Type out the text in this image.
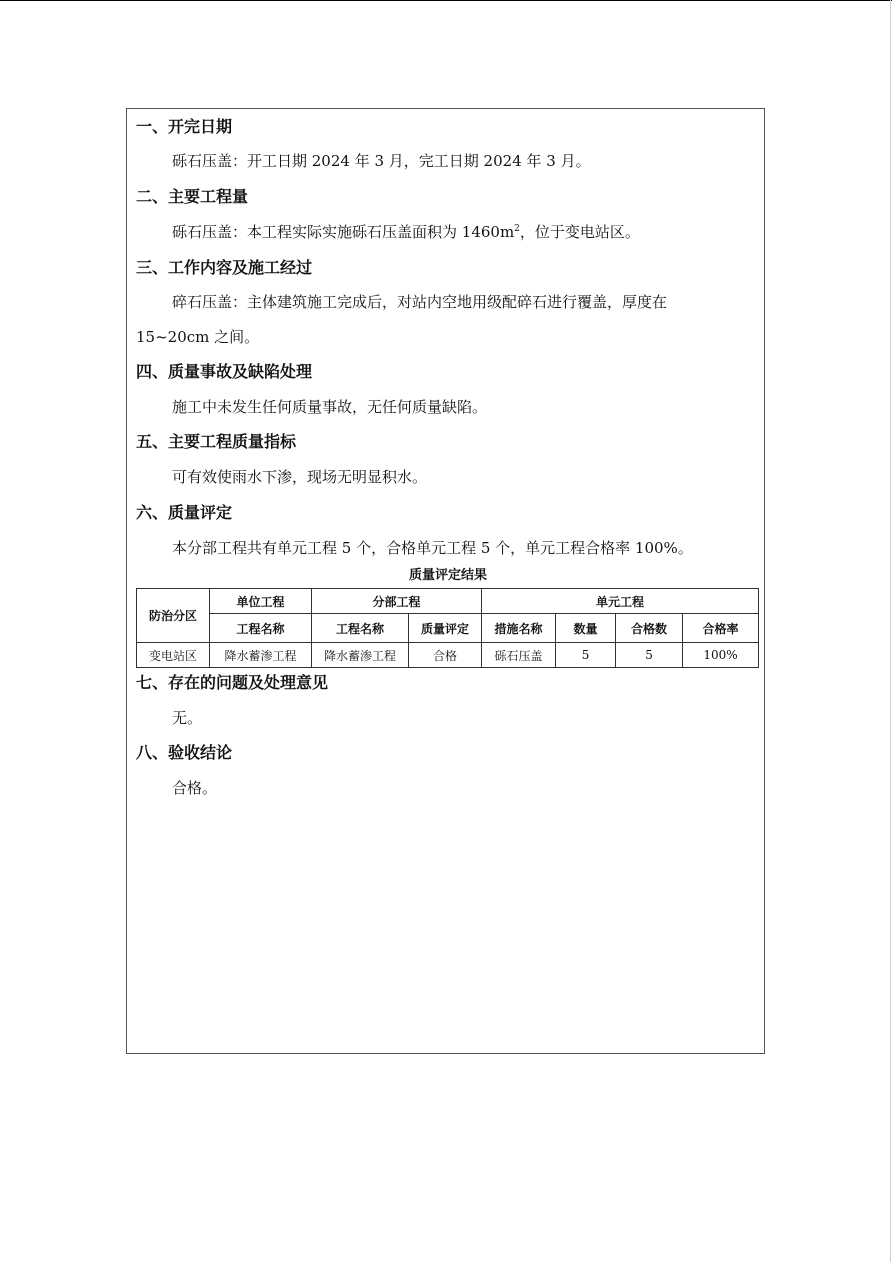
一、开完日期
砾石压盖：开工日期 2024 年 3 月，完工日期 2024 年 3 月。
二、主要工程量
砾石压盖：本工程实际实施砾石压盖面积为 $1460m^2$，位于变电站区。
三、工作内容及施工经过
碎石压盖：主体建筑施工完成后，对站内空地用级配碎石进行覆盖，厚度在
15~20cm 之间。
四、质量事故及缺陷处理
施工中未发生任何质量事故，无任何质量缺陷。
五、主要工程质量指标
可有效使雨水下渗，现场无明显积水。
六、质量评定
本分部工程共有单元工程 5 个，合格单元工程 5 个，单元工程合格率 100%。
质量评定结果
防治分区	单位工程	分部工程		单元工程			
	工程名称	工程名称	质量评定	措施名称	数量	合格数	合格率
变电站区	降水蓄渗工程	降水蓄渗工程	合格	砾石压盖	5	5	100%
七、存在的问题及处理意见
无。
八、验收结论
合格。
